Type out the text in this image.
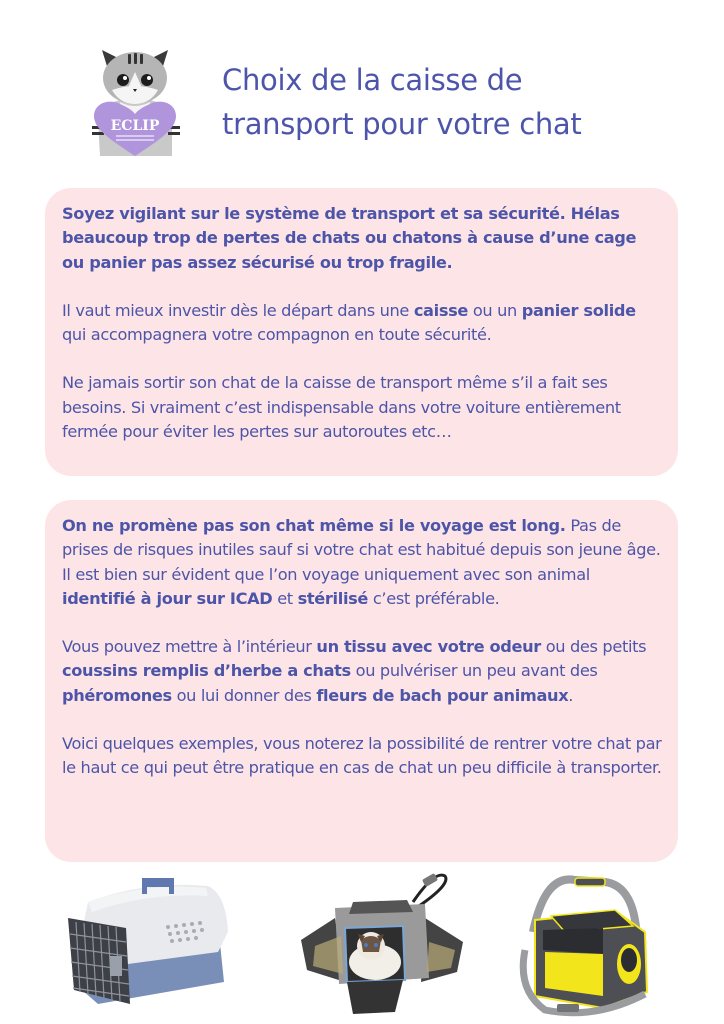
ECLIP
Choix de la caisse de
transport pour votre chat

Soyez vigilant sur le système de transport et sa sécurité. Hélas beaucoup trop de pertes de chats ou chatons à cause d’une cage ou panier pas assez sécurisé ou trop fragile.

Il vaut mieux investir dès le départ dans une caisse ou un panier solide qui accompagnera votre compagnon en toute sécurité.

Ne jamais sortir son chat de la caisse de transport même s’il a fait ses besoins. Si vraiment c’est indispensable dans votre voiture entièrement fermée pour éviter les pertes sur autoroutes etc…

On ne promène pas son chat même si le voyage est long. Pas de prises de risques inutiles sauf si votre chat est habitué depuis son jeune âge. Il est bien sur évident que l’on voyage uniquement avec son animal identifié à jour sur ICAD et stérilisé c’est préférable.

Vous pouvez mettre à l’intérieur un tissu avec votre odeur ou des petits coussins remplis d’herbe a chats ou pulvériser un peu avant des phéromones ou lui donner des fleurs de bach pour animaux.

Voici quelques exemples, vous noterez la possibilité de rentrer votre chat par le haut ce qui peut être pratique en cas de chat un peu difficile à transporter.
